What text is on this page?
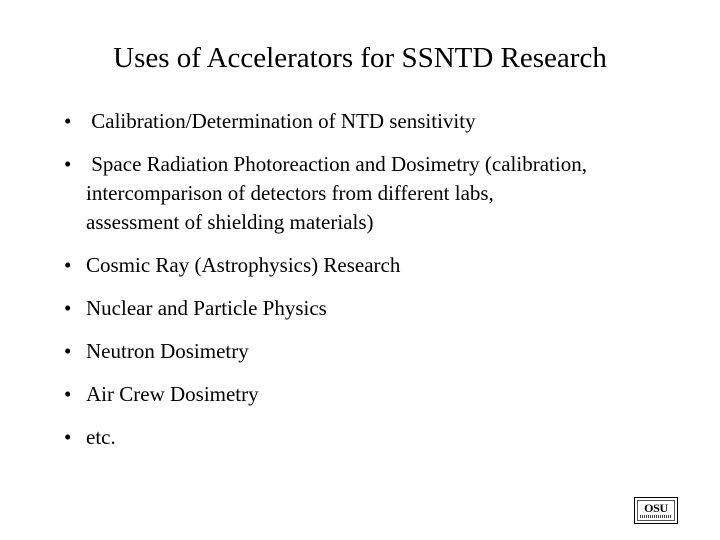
Uses of Accelerators for SSNTD Research
• Calibration/Determination of NTD sensitivity
• Space Radiation Photoreaction and Dosimetry (calibration,
intercomparison of detectors from different labs,
assessment of shielding materials)
• Cosmic Ray (Astrophysics) Research
• Nuclear and Particle Physics
• Neutron Dosimetry
• Air Crew Dosimetry
• etc.
OSU
